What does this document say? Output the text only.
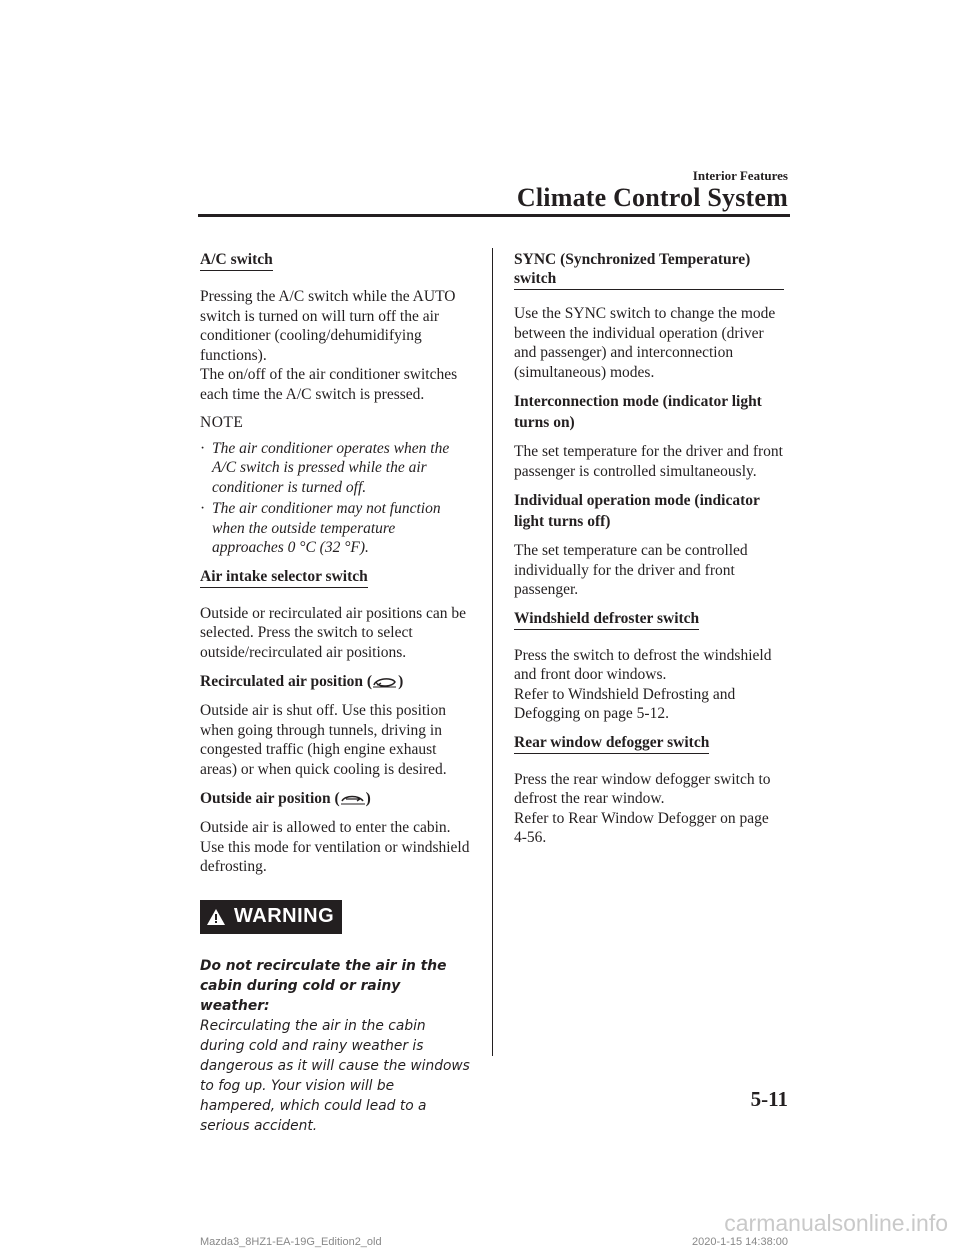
Interior Features
Climate Control System
A/C switch

Pressing the A/C switch while the AUTO switch is turned on will turn off the air conditioner (cooling/dehumidifying functions).

The on/off of the air conditioner switches each time the A/C switch is pressed.

NOTE

· The air conditioner operates when the A/C switch is pressed while the air conditioner is turned off.
· The air conditioner may not function when the outside temperature approaches 0 °C (32 °F).
Air intake selector switch

Outside or recirculated air positions can be selected. Press the switch to select outside/recirculated air positions.

Recirculated air position ( )

Outside air is shut off. Use this position when going through tunnels, driving in congested traffic (high engine exhaust areas) or when quick cooling is desired.

Outside air position ( )

Outside air is allowed to enter the cabin. Use this mode for ventilation or windshield defrosting.

WARNING

Do not recirculate the air in the cabin during cold or rainy weather:

Recirculating the air in the cabin during cold and rainy weather is dangerous as it will cause the windows to fog up. Your vision will be hampered, which could lead to a serious accident.

SYNC (Synchronized Temperature) switch

Use the SYNC switch to change the mode between the individual operation (driver and passenger) and interconnection (simultaneous) modes.

Interconnection mode (indicator light turns on)

The set temperature for the driver and front passenger is controlled simultaneously.

Individual operation mode (indicator light turns off)

The set temperature can be controlled individually for the driver and front passenger.

Windshield defroster switch

Press the switch to defrost the windshield and front door windows.

Refer to Windshield Defrosting and Defogging on page 5-12.

Rear window defogger switch

Press the rear window defogger switch to defrost the rear window.

Refer to Rear Window Defogger on page 4-56.

5-11
carmanualsonline.info
Mazda3_8HZ1-EA-19G_Edition2_old	2020-1-15 14:38:00
